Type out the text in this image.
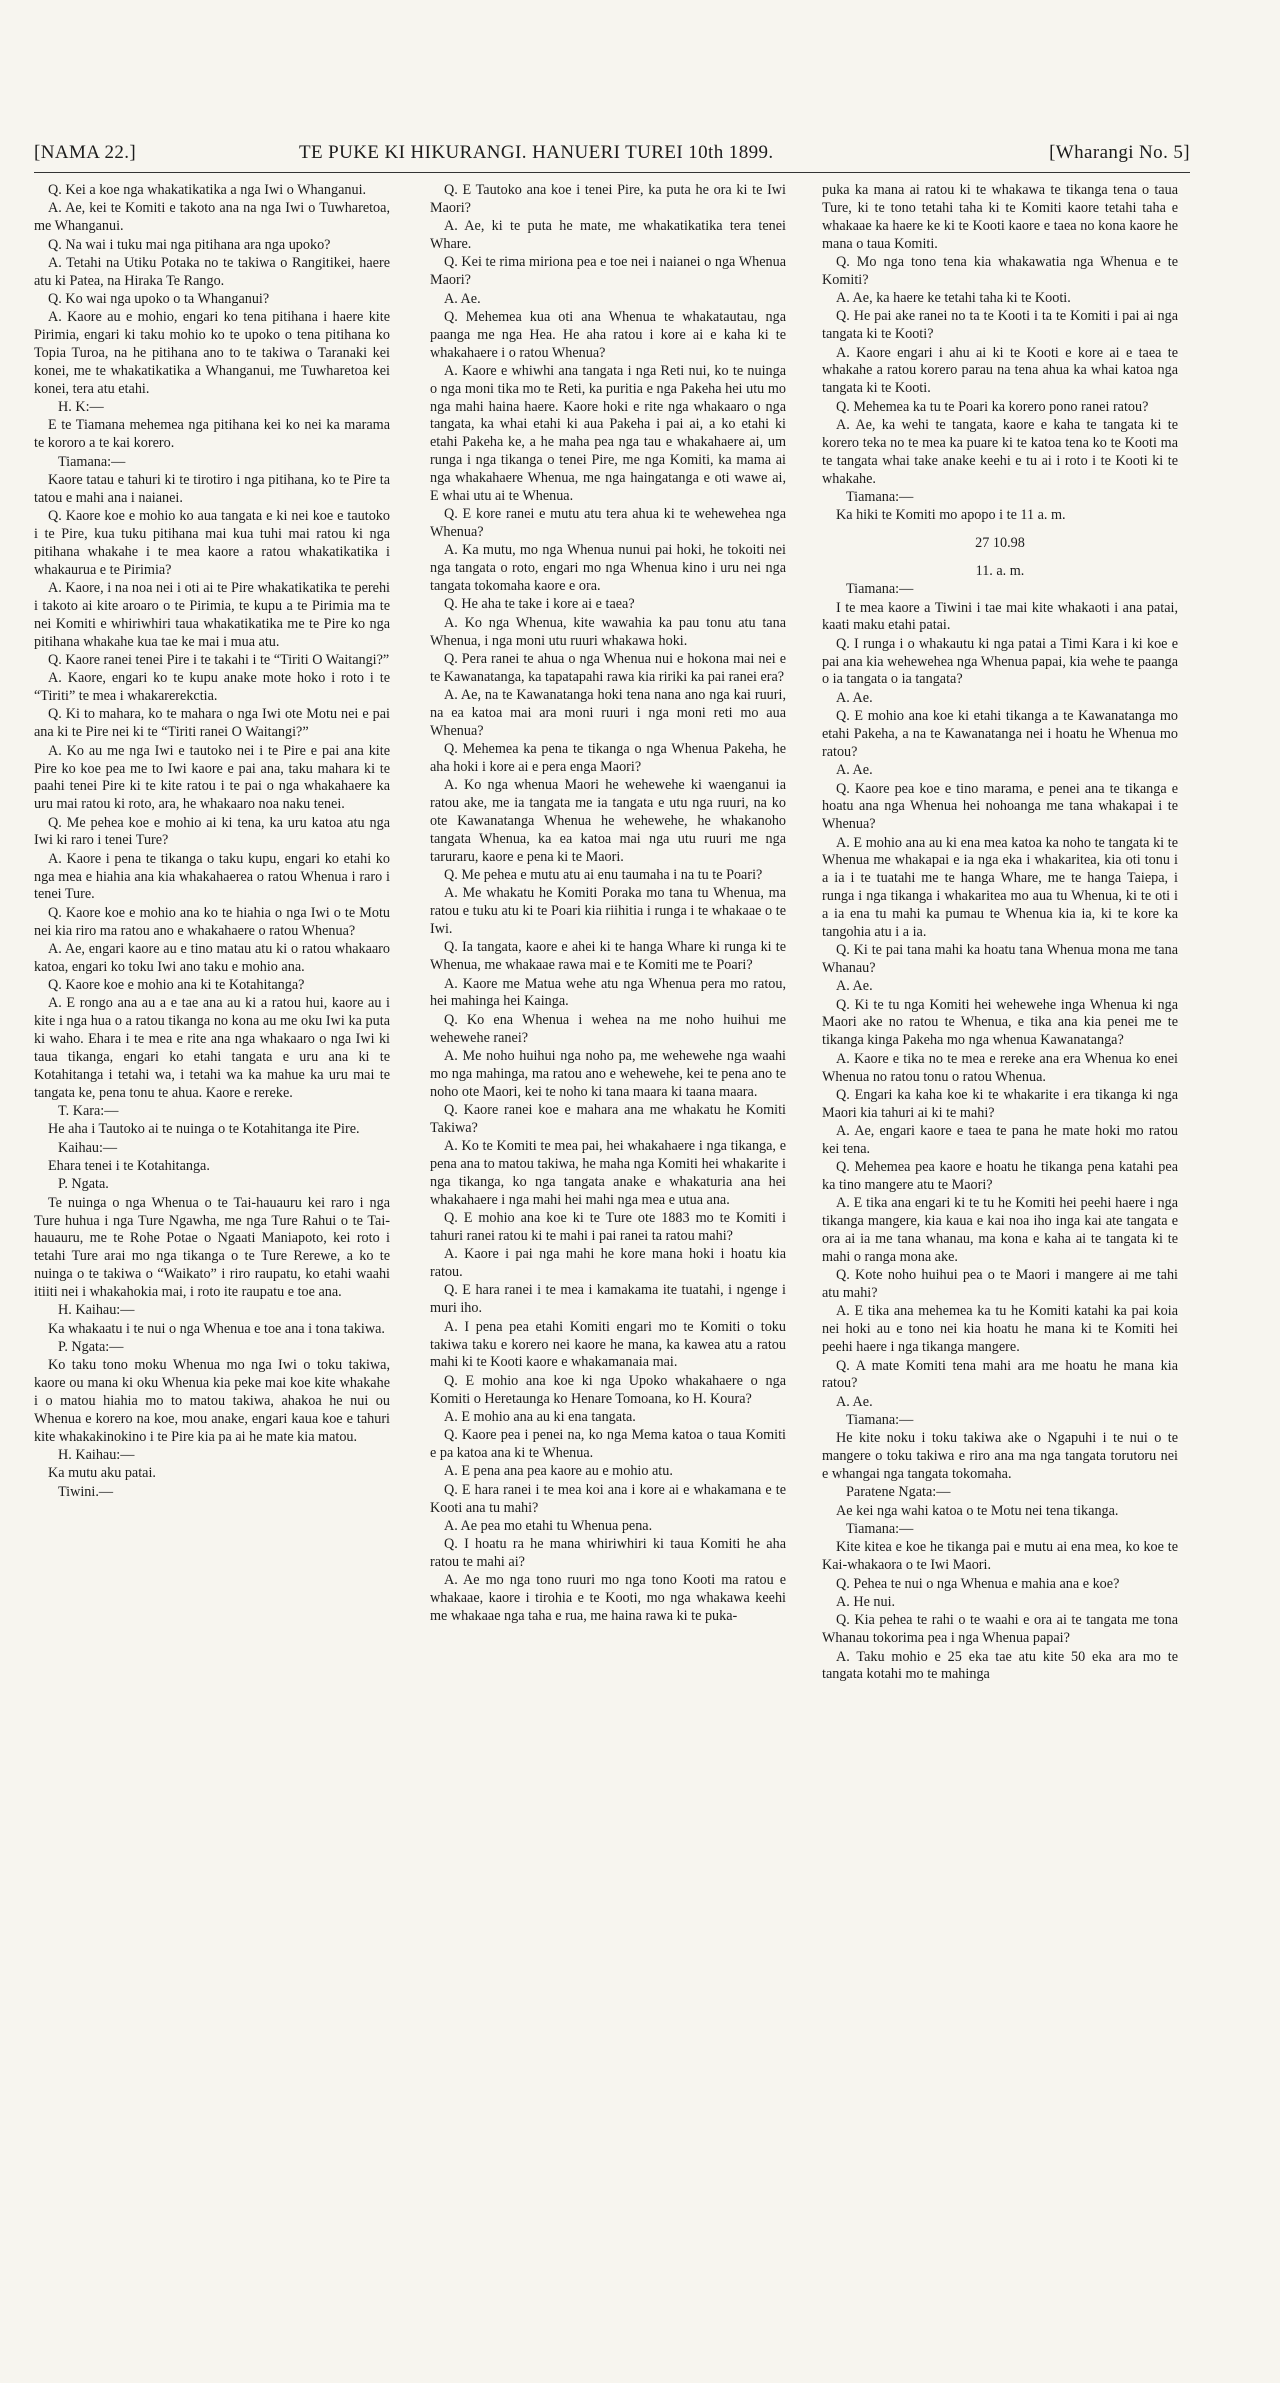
[NAMA 22.]	TE PUKE KI HIKURANGI. HANUERI TUREI 10th 1899.	[Wharangi No. 5]

Q. Kei a koe nga whakatikatika a nga Iwi o Whanganui.

A. Ae, kei te Komiti e takoto ana na nga Iwi o Tuwharetoa, me Whanganui.

Q. Na wai i tuku mai nga pitihana ara nga upoko?

A. Tetahi na Utiku Potaka no te takiwa o Rangitikei, haere atu ki Patea, na Hiraka Te Rango.

Q. Ko wai nga upoko o ta Whanganui?

A. Kaore au e mohio, engari ko tena pitihana i haere kite Pirimia, engari ki taku mohio ko te upoko o tena pitihana ko Topia Turoa, na he pitihana ano to te takiwa o Taranaki kei konei, me te whakatikatika a Whanganui, me Tuwharetoa kei konei, tera atu etahi.

H. K:—

E te Tiamana mehemea nga pitihana kei ko nei ka marama te kororo a te kai korero.

Tiamana:—

Kaore tatau e tahuri ki te tirotiro i nga pitihana, ko te Pire ta tatou e mahi ana i naianei.

Q. Kaore koe e mohio ko aua tangata e ki nei koe e tautoko i te Pire, kua tuku pitihana mai kua tuhi mai ratou ki nga pitihana whakahe i te mea kaore a ratou whakatikatika i whakaurua e te Pirimia?

A. Kaore, i na noa nei i oti ai te Pire whakatikatika te perehi i takoto ai kite aroaro o te Pirimia, te kupu a te Pirimia ma te nei Komiti e whiriwhiri taua whakatikatika me te Pire ko nga pitihana whakahe kua tae ke mai i mua atu.

Q. Kaore ranei tenei Pire i te takahi i te “Tiriti O Waitangi?”

A. Kaore, engari ko te kupu anake mote hoko i roto i te “Tiriti” te mea i whakarerekctia.

Q. Ki to mahara, ko te mahara o nga Iwi ote Motu nei e pai ana ki te Pire nei ki te “Tiriti ranei O Waitangi?”

A. Ko au me nga Iwi e tautoko nei i te Pire e pai ana kite Pire ko koe pea me to Iwi kaore e pai ana, taku mahara ki te paahi tenei Pire ki te kite ratou i te pai o nga whakahaere ka uru mai ratou ki roto, ara, he whakaaro noa naku tenei.

Q. Me pehea koe e mohio ai ki tena, ka uru katoa atu nga Iwi ki raro i tenei Ture?

A. Kaore i pena te tikanga o taku kupu, engari ko etahi ko nga mea e hiahia ana kia whakahaerea o ratou Whenua i raro i tenei Ture.

Q. Kaore koe e mohio ana ko te hiahia o nga Iwi o te Motu nei kia riro ma ratou ano e whakahaere o ratou Whenua?

A. Ae, engari kaore au e tino matau atu ki o ratou whakaaro katoa, engari ko toku Iwi ano taku e mohio ana.

Q. Kaore koe e mohio ana ki te Kotahitanga?

A. E rongo ana au a e tae ana au ki a ratou hui, kaore au i kite i nga hua o a ratou tikanga no kona au me oku Iwi ka puta ki waho. Ehara i te mea e rite ana nga whakaaro o nga Iwi ki taua tikanga, engari ko etahi tangata e uru ana ki te Kotahitanga i tetahi wa, i tetahi wa ka mahue ka uru mai te tangata ke, pena tonu te ahua. Kaore e rereke.

T. Kara:—

He aha i Tautoko ai te nuinga o te Kotahitanga ite Pire.

Kaihau:—

Ehara tenei i te Kotahitanga.

P. Ngata.

Te nuinga o nga Whenua o te Tai-hauauru kei raro i nga Ture huhua i nga Ture Ngawha, me nga Ture Rahui o te Tai-hauauru, me te Rohe Potae o Ngaati Maniapoto, kei roto i tetahi Ture arai mo nga tikanga o te Ture Rerewe, a ko te nuinga o te takiwa o “Waikato” i riro raupatu, ko etahi waahi itiiti nei i whakahokia mai, i roto ite raupatu e toe ana.

H. Kaihau:—

Ka whakaatu i te nui o nga Whenua e toe ana i tona takiwa.

P. Ngata:—

Ko taku tono moku Whenua mo nga Iwi o toku takiwa, kaore ou mana ki oku Whenua kia peke mai koe kite whakahe i o matou hiahia mo to matou takiwa, ahakoa he nui ou Whenua e korero na koe, mou anake, engari kaua koe e tahuri kite whakakinokino i te Pire kia pa ai he mate kia matou.

H. Kaihau:—

Ka mutu aku patai.

Tiwini.—

Q. E Tautoko ana koe i tenei Pire, ka puta he ora ki te Iwi Maori?

A. Ae, ki te puta he mate, me whakatikatika tera tenei Whare.

Q. Kei te rima miriona pea e toe nei i naianei o nga Whenua Maori?

A. Ae.

Q. Mehemea kua oti ana Whenua te whakatautau, nga paanga me nga Hea. He aha ratou i kore ai e kaha ki te whakahaere i o ratou Whenua?

A. Kaore e whiwhi ana tangata i nga Reti nui, ko te nuinga o nga moni tika mo te Reti, ka puritia e nga Pakeha hei utu mo nga mahi haina haere. Kaore hoki e rite nga whakaaro o nga tangata, ka whai etahi ki aua Pakeha i pai ai, a ko etahi ki etahi Pakeha ke, a he maha pea nga tau e whakahaere ai, um runga i nga tikanga o tenei Pire, me nga Komiti, ka mama ai nga whakahaere Whenua, me nga haingatanga e oti wawe ai, E whai utu ai te Whenua.

Q. E kore ranei e mutu atu tera ahua ki te wehewehea nga Whenua?

A. Ka mutu, mo nga Whenua nunui pai hoki, he tokoiti nei nga tangata o roto, engari mo nga Whenua kino i uru nei nga tangata tokomaha kaore e ora.

Q. He aha te take i kore ai e taea?

A. Ko nga Whenua, kite wawahia ka pau tonu atu tana Whenua, i nga moni utu ruuri whakawa hoki.

Q. Pera ranei te ahua o nga Whenua nui e hokona mai nei e te Kawanatanga, ka tapatapahi rawa kia ririki ka pai ranei era?

A. Ae, na te Kawanatanga hoki tena nana ano nga kai ruuri, na ea katoa mai ara moni ruuri i nga moni reti mo aua Whenua?

Q. Mehemea ka pena te tikanga o nga Whenua Pakeha, he aha hoki i kore ai e pera enga Maori?

A. Ko nga whenua Maori he wehewehe ki waenganui ia ratou ake, me ia tangata me ia tangata e utu nga ruuri, na ko ote Kawanatanga Whenua he wehewehe, he whakanoho tangata Whenua, ka ea katoa mai nga utu ruuri me nga taruraru, kaore e pena ki te Maori.

Q. Me pehea e mutu atu ai enu taumaha i na tu te Poari?

A. Me whakatu he Komiti Poraka mo tana tu Whenua, ma ratou e tuku atu ki te Poari kia riihitia i runga i te whakaae o te Iwi.

Q. Ia tangata, kaore e ahei ki te hanga Whare ki runga ki te Whenua, me whakaae rawa mai e te Komiti me te Poari?

A. Kaore me Matua wehe atu nga Whenua pera mo ratou, hei mahinga hei Kainga.

Q. Ko ena Whenua i wehea na me noho huihui me wehewehe ranei?

A. Me noho huihui nga noho pa, me wehewehe nga waahi mo nga mahinga, ma ratou ano e wehewehe, kei te pena ano te noho ote Maori, kei te noho ki tana maara ki taana maara.

Q. Kaore ranei koe e mahara ana me whakatu he Komiti Takiwa?

A. Ko te Komiti te mea pai, hei whakahaere i nga tikanga, e pena ana to matou takiwa, he maha nga Komiti hei whakarite i nga tikanga, ko nga tangata anake e whakaturia ana hei whakahaere i nga mahi hei mahi nga mea e utua ana.

Q. E mohio ana koe ki te Ture ote 1883 mo te Komiti i tahuri ranei ratou ki te mahi i pai ranei ta ratou mahi?

A. Kaore i pai nga mahi he kore mana hoki i hoatu kia ratou.

Q. E hara ranei i te mea i kamakama ite tuatahi, i ngenge i muri iho.

A. I pena pea etahi Komiti engari mo te Komiti o toku takiwa taku e korero nei kaore he mana, ka kawea atu a ratou mahi ki te Kooti kaore e whakamanaia mai.

Q. E mohio ana koe ki nga Upoko whakahaere o nga Komiti o Heretaunga ko Henare Tomoana, ko H. Koura?

A. E mohio ana au ki ena tangata.

Q. Kaore pea i penei na, ko nga Mema katoa o taua Komiti e pa katoa ana ki te Whenua.

A. E pena ana pea kaore au e mohio atu.

Q. E hara ranei i te mea koi ana i kore ai e whakamana e te Kooti ana tu mahi?

A. Ae pea mo etahi tu Whenua pena.

Q. I hoatu ra he mana whiriwhiri ki taua Komiti he aha ratou te mahi ai?

A. Ae mo nga tono ruuri mo nga tono Kooti ma ratou e whakaae, kaore i tirohia e te Kooti, mo nga whakawa keehi me whakaae nga taha e rua, me haina rawa ki te puka-

puka ka mana ai ratou ki te whakawa te tikanga tena o taua Ture, ki te tono tetahi taha ki te Komiti kaore tetahi taha e whakaae ka haere ke ki te Kooti kaore e taea no kona kaore he mana o taua Komiti.

Q. Mo nga tono tena kia whakawatia nga Whenua e te Komiti?

A. Ae, ka haere ke tetahi taha ki te Kooti.

Q. He pai ake ranei no ta te Kooti i ta te Komiti i pai ai nga tangata ki te Kooti?

A. Kaore engari i ahu ai ki te Kooti e kore ai e taea te whakahe a ratou korero parau na tena ahua ka whai katoa nga tangata ki te Kooti.

Q. Mehemea ka tu te Poari ka korero pono ranei ratou?

A. Ae, ka wehi te tangata, kaore e kaha te tangata ki te korero teka no te mea ka puare ki te katoa tena ko te Kooti ma te tangata whai take anake keehi e tu ai i roto i te Kooti ki te whakahe.

Tiamana:—

Ka hiki te Komiti mo apopo i te 11 a. m.

27 10.98

11. a. m.

Tiamana:—

I te mea kaore a Tiwini i tae mai kite whakaoti i ana patai, kaati maku etahi patai.

Q. I runga i o whakautu ki nga patai a Timi Kara i ki koe e pai ana kia wehewehea nga Whenua papai, kia wehe te paanga o ia tangata o ia tangata?

A. Ae.

Q. E mohio ana koe ki etahi tikanga a te Kawanatanga mo etahi Pakeha, a na te Kawanatanga nei i hoatu he Whenua mo ratou?

A. Ae.

Q. Kaore pea koe e tino marama, e penei ana te tikanga e hoatu ana nga Whenua hei nohoanga me tana whakapai i te Whenua?

A. E mohio ana au ki ena mea katoa ka noho te tangata ki te Whenua me whakapai e ia nga eka i whakaritea, kia oti tonu i a ia i te tuatahi me te hanga Whare, me te hanga Taiepa, i runga i nga tikanga i whakaritea mo aua tu Whenua, ki te oti i a ia ena tu mahi ka pumau te Whenua kia ia, ki te kore ka tangohia atu i a ia.

Q. Ki te pai tana mahi ka hoatu tana Whenua mona me tana Whanau?

A. Ae.

Q. Ki te tu nga Komiti hei wehewehe inga Whenua ki nga Maori ake no ratou te Whenua, e tika ana kia penei me te tikanga kinga Pakeha mo nga whenua Kawanatanga?

A. Kaore e tika no te mea e rereke ana era Whenua ko enei Whenua no ratou tonu o ratou Whenua.

Q. Engari ka kaha koe ki te whakarite i era tikanga ki nga Maori kia tahuri ai ki te mahi?

A. Ae, engari kaore e taea te pana he mate hoki mo ratou kei tena.

Q. Mehemea pea kaore e hoatu he tikanga pena katahi pea ka tino mangere atu te Maori?

A. E tika ana engari ki te tu he Komiti hei peehi haere i nga tikanga mangere, kia kaua e kai noa iho inga kai ate tangata e ora ai ia me tana whanau, ma kona e kaha ai te tangata ki te mahi o ranga mona ake.

Q. Kote noho huihui pea o te Maori i mangere ai me tahi atu mahi?

A. E tika ana mehemea ka tu he Komiti katahi ka pai koia nei hoki au e tono nei kia hoatu he mana ki te Komiti hei peehi haere i nga tikanga mangere.

Q. A mate Komiti tena mahi ara me hoatu he mana kia ratou?

A. Ae.

Tiamana:—

He kite noku i toku takiwa ake o Ngapuhi i te nui o te mangere o toku takiwa e riro ana ma nga tangata torutoru nei e whangai nga tangata tokomaha.

Paratene Ngata:—

Ae kei nga wahi katoa o te Motu nei tena tikanga.

Tiamana:—

Kite kitea e koe he tikanga pai e mutu ai ena mea, ko koe te Kai-whakaora o te Iwi Maori.

Q. Pehea te nui o nga Whenua e mahia ana e koe?

A. He nui.

Q. Kia pehea te rahi o te waahi e ora ai te tangata me tona Whanau tokorima pea i nga Whenua papai?

A. Taku mohio e 25 eka tae atu kite 50 eka ara mo te tangata kotahi mo te mahinga
